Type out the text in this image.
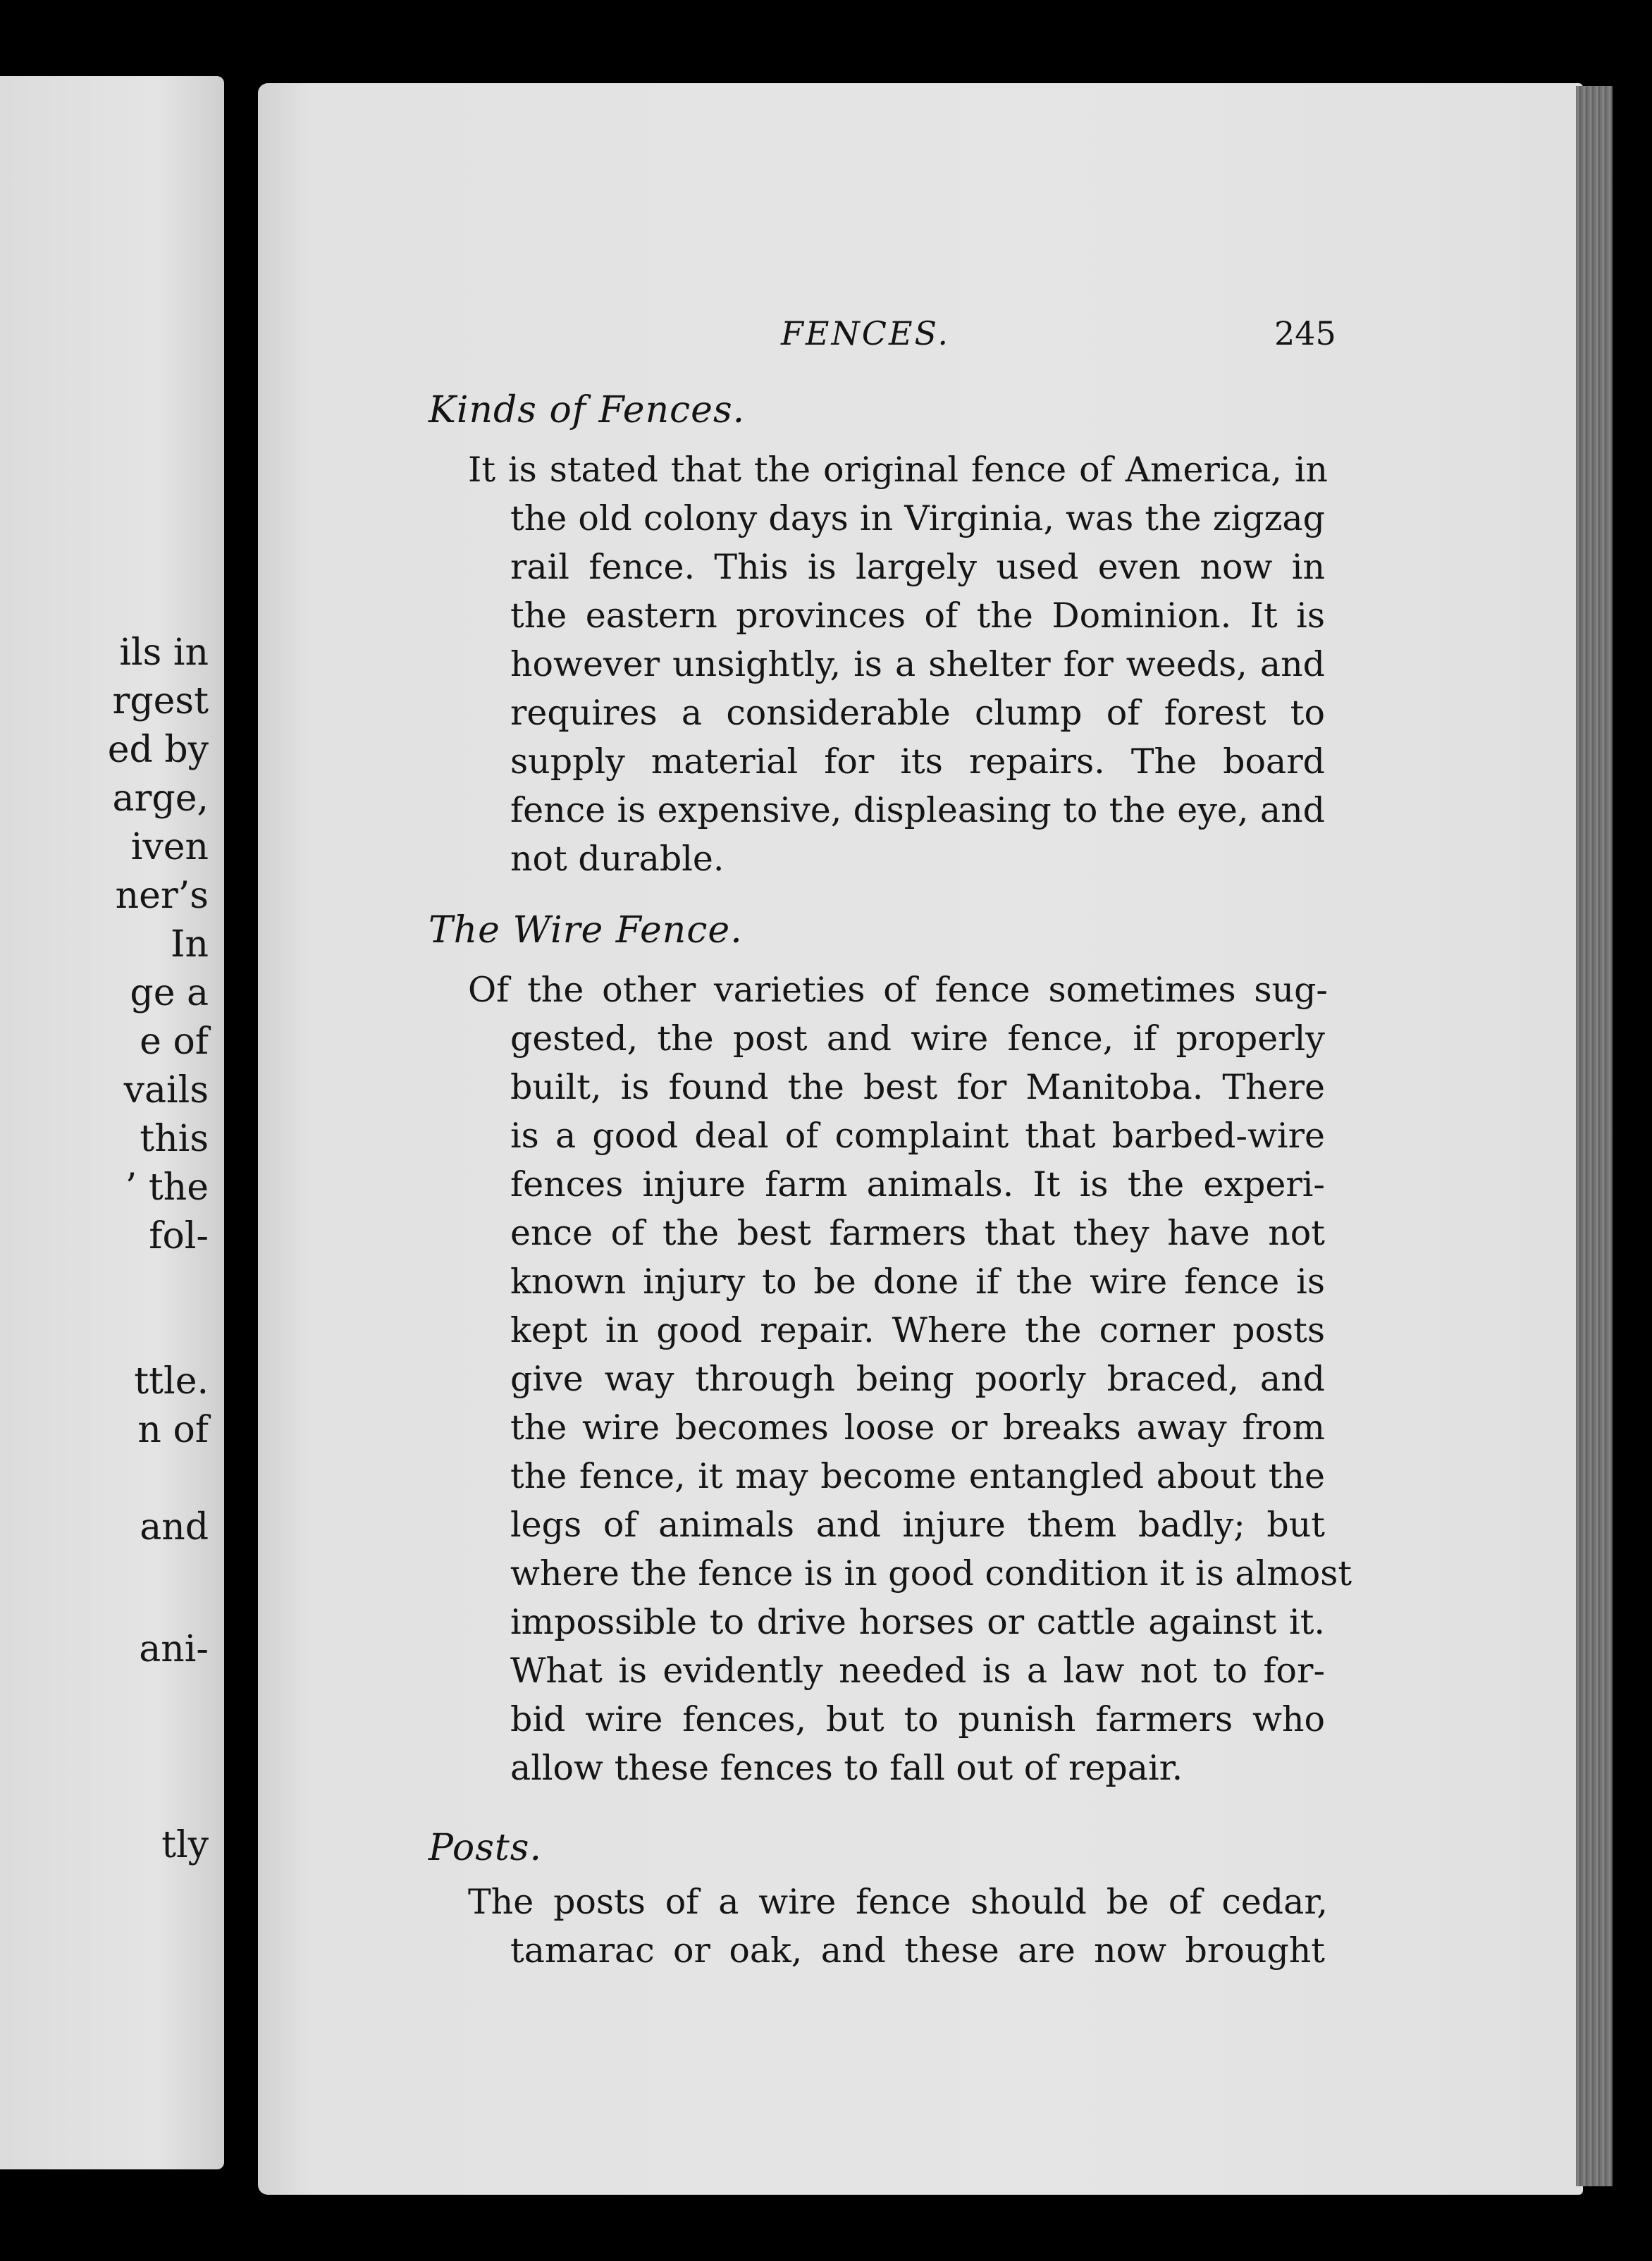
ils in
rgest
ed by
arge,
iven
ner’s
In
ge a
e of
vails
this
’ the
fol-
ttle.
n of
and
ani-
tly
FENCES.	245
Kinds of Fences.
It is stated that the original fence of America, in
the old colony days in Virginia, was the zigzag
rail fence. This is largely used even now in
the eastern provinces of the Dominion. It is
however unsightly, is a shelter for weeds, and
requires a considerable clump of forest to
supply material for its repairs. The board
fence is expensive, displeasing to the eye, and
not durable.
The Wire Fence.
Of the other varieties of fence sometimes sug-
gested, the post and wire fence, if properly
built, is found the best for Manitoba. There
is a good deal of complaint that barbed-wire
fences injure farm animals. It is the experi-
ence of the best farmers that they have not
known injury to be done if the wire fence is
kept in good repair. Where the corner posts
give way through being poorly braced, and
the wire becomes loose or breaks away from
the fence, it may become entangled about the
legs of animals and injure them badly; but
where the fence is in good condition it is almost
impossible to drive horses or cattle against it.
What is evidently needed is a law not to for-
bid wire fences, but to punish farmers who
allow these fences to fall out of repair.
Posts.
The posts of a wire fence should be of cedar,
tamarac or oak, and these are now brought
